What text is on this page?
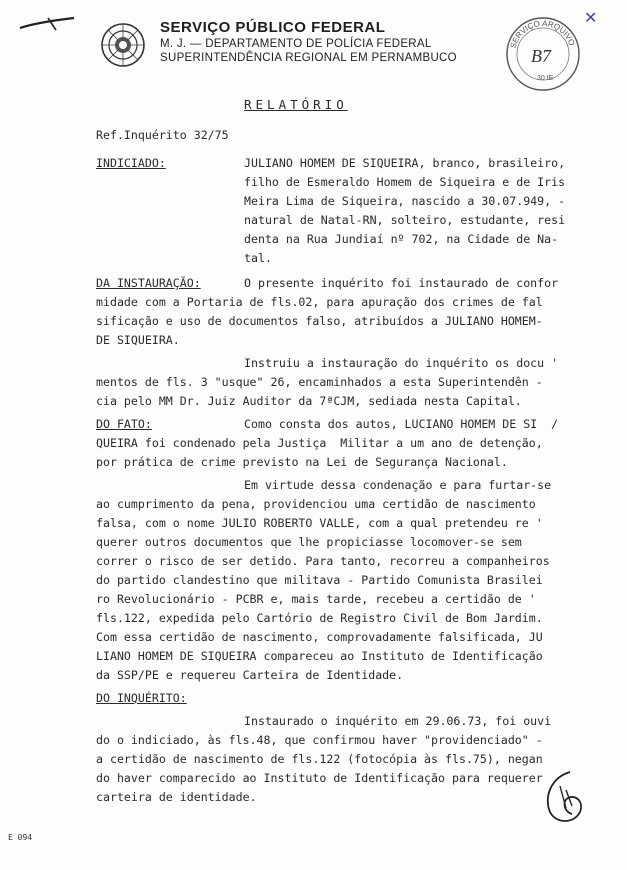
SERVIÇO PÚBLICO FEDERAL
M. J. — DEPARTAMENTO DE POLÍCIA FEDERAL
SUPERINTENDÊNCIA REGIONAL EM PERNAMBUCO
SERVIÇO ARQUIVO
B7
30 IE
✕
RELATÓRIO
Ref.Inquérito 32/75
INDICIADO:	JULIANO HOMEM DE SIQUEIRA, branco, brasileiro,
filho de Esmeraldo Homem de Siqueira e de Iris
Meira Lima de Siqueira, nascido a 30.07.949, -
natural de Natal-RN, solteiro, estudante, resi
denta na Rua Jundiaí nº 702, na Cidade de Na-
tal.
DA INSTAURAÇÃO:	O presente inquérito foi instaurado de confor
midade com a Portaria de fls.02, para apuração dos crimes de fal
sificação e uso de documentos falso, atribuídos a JULIANO HOMEM-
DE SIQUEIRA.
Instruiu a instauração do inquérito os docu '
mentos de fls. 3 "usque" 26, encaminhados a esta Superintendên -
cia pelo MM Dr. Juiz Auditor da 7ªCJM, sediada nesta Capital.
DO FATO:	Como consta dos autos, LUCIANO HOMEM DE SI  /
QUEIRA foi condenado pela Justiça  Militar a um ano de detenção,
por prática de crime previsto na Lei de Segurança Nacional.
Em virtude dessa condenação e para furtar-se
ao cumprimento da pena, providenciou uma certidão de nascimento
falsa, com o nome JULIO ROBERTO VALLE, com a qual pretendeu re '
querer outros documentos que lhe propiciasse locomover-se sem
correr o risco de ser detido. Para tanto, recorreu a companheiros
do partido clandestino que militava - Partido Comunista Brasilei
ro Revolucionário - PCBR e, mais tarde, recebeu a certidão de '
fls.122, expedida pelo Cartório de Registro Civil de Bom Jardim.
Com essa certidão de nascimento, comprovadamente falsificada, JU
LIANO HOMEM DE SIQUEIRA compareceu ao Instituto de Identificação
da SSP/PE e requereu Carteira de Identidade.
DO INQUÉRITO:
Instaurado o inquérito em 29.06.73, foi ouvi
do o indiciado, às fls.48, que confirmou haver "providenciado" -
a certidão de nascimento de fls.122 (fotocópia às fls.75), negan
do haver comparecido ao Instituto de Identificação para requerer
carteira de identidade.
E 094
